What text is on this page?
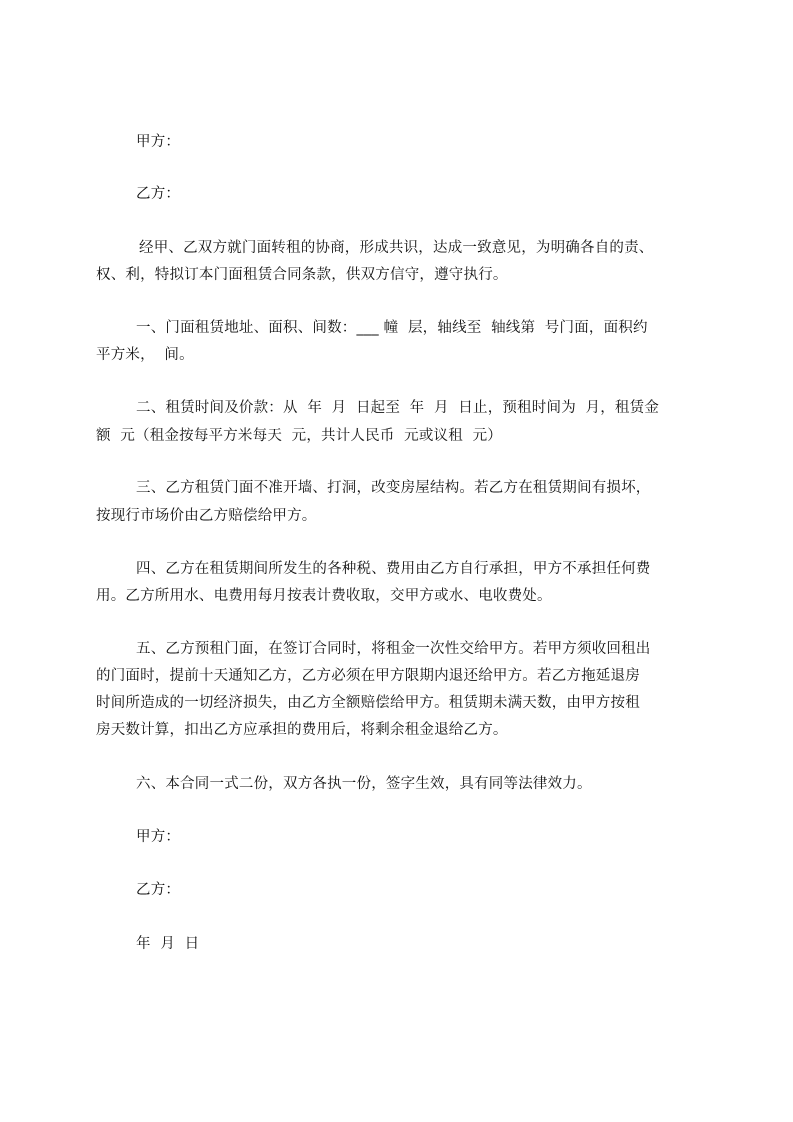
甲方：
乙方：
经甲、乙双方就门面转租的协商，形成共识，达成一致意见，为明确各自的责、
权、利，特拟订本门面租赁合同条款，供双方信守，遵守执行。
一、门面租赁地址、面积、间数：___ 幢  层，轴线至  轴线第  号门面，面积约
平方米，  间。
二、租赁时间及价款：从  年  月  日起至  年  月  日止，预租时间为  月，租赁金
额  元（租金按每平方米每天  元，共计人民币  元或议租  元）
三、乙方租赁门面不准开墙、打洞，改变房屋结构。若乙方在租赁期间有损坏，
按现行市场价由乙方赔偿给甲方。
四、乙方在租赁期间所发生的各种税、费用由乙方自行承担，甲方不承担任何费
用。乙方所用水、电费用每月按表计费收取，交甲方或水、电收费处。
五、乙方预租门面，在签订合同时，将租金一次性交给甲方。若甲方须收回租出
的门面时，提前十天通知乙方，乙方必须在甲方限期内退还给甲方。若乙方拖延退房
时间所造成的一切经济损失，由乙方全额赔偿给甲方。租赁期未满天数，由甲方按租
房天数计算，扣出乙方应承担的费用后，将剩余租金退给乙方。
六、本合同一式二份，双方各执一份，签字生效，具有同等法律效力。
甲方：
乙方：
年  月  日
